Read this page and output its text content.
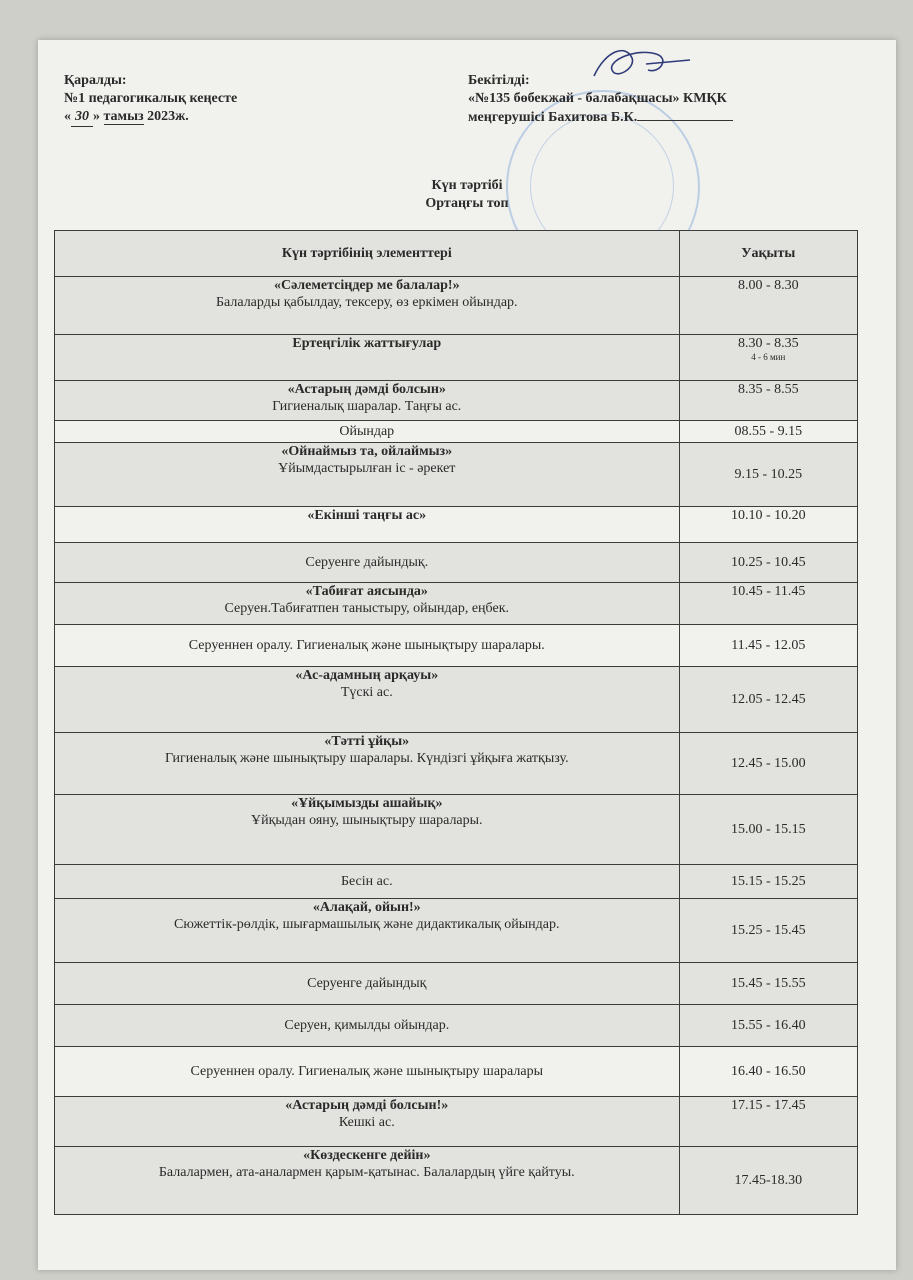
Қаралды:
№1 педагогикалық кеңесте
« 30 » тамыз 2023ж.
Бекітілді:
«№135 бөбекжай - балабақшасы» КМҚК
меңгерушісі Бахитова Б.К.
Күн тәртібі
Ортаңғы топ
Күн тәртібінің элементтері	Уақыты

«Сәлеметсіңдер ме балалар!»
Балаларды қабылдау, тексеру, өз еркімен ойындар.	8.00 - 8.30

Ертеңгілік жаттығулар	8.30 - 8.35
4 - 6 мин

«Астарың дәмді болсын»
Гигиеналық шаралар. Таңғы ас.	8.35 - 8.55

Ойындар	08.55 - 9.15

«Ойнаймыз та, ойлаймыз»
Ұйымдастырылған іс - әрекет	9.15 - 10.25

«Екінші таңғы ас»	10.10 - 10.20

Серуенге дайындық.	10.25 - 10.45

«Табиғат аясында»
Серуен.Табиғатпен таныстыру, ойындар, еңбек.	10.45 - 11.45

Серуеннен оралу. Гигиеналық және шынықтыру шаралары.	11.45 - 12.05

«Ас-адамның арқауы»
Түскі ас.	12.05 - 12.45

«Тәтті ұйқы»
Гигиеналық және шынықтыру шаралары. Күндізгі ұйқыға жатқызу.	12.45 - 15.00

«Ұйқымызды ашайық»
Ұйқыдан ояну, шынықтыру шаралары.	15.00 - 15.15

Бесін ас.	15.15 - 15.25

«Алақай, ойын!»
Сюжеттік-рөлдік, шығармашылық және дидактикалық ойындар.	15.25 - 15.45

Серуенге дайындық	15.45 - 15.55

Серуен, қимылды ойындар.	15.55 - 16.40

Серуеннен оралу. Гигиеналық және шынықтыру шаралары	16.40 - 16.50

«Астарың дәмді болсын!»
Кешкі ас.	17.15 - 17.45

«Көздескенге дейін»
Балалармен, ата-аналармен қарым-қатынас. Балалардың үйге қайтуы.	17.45-18.30
